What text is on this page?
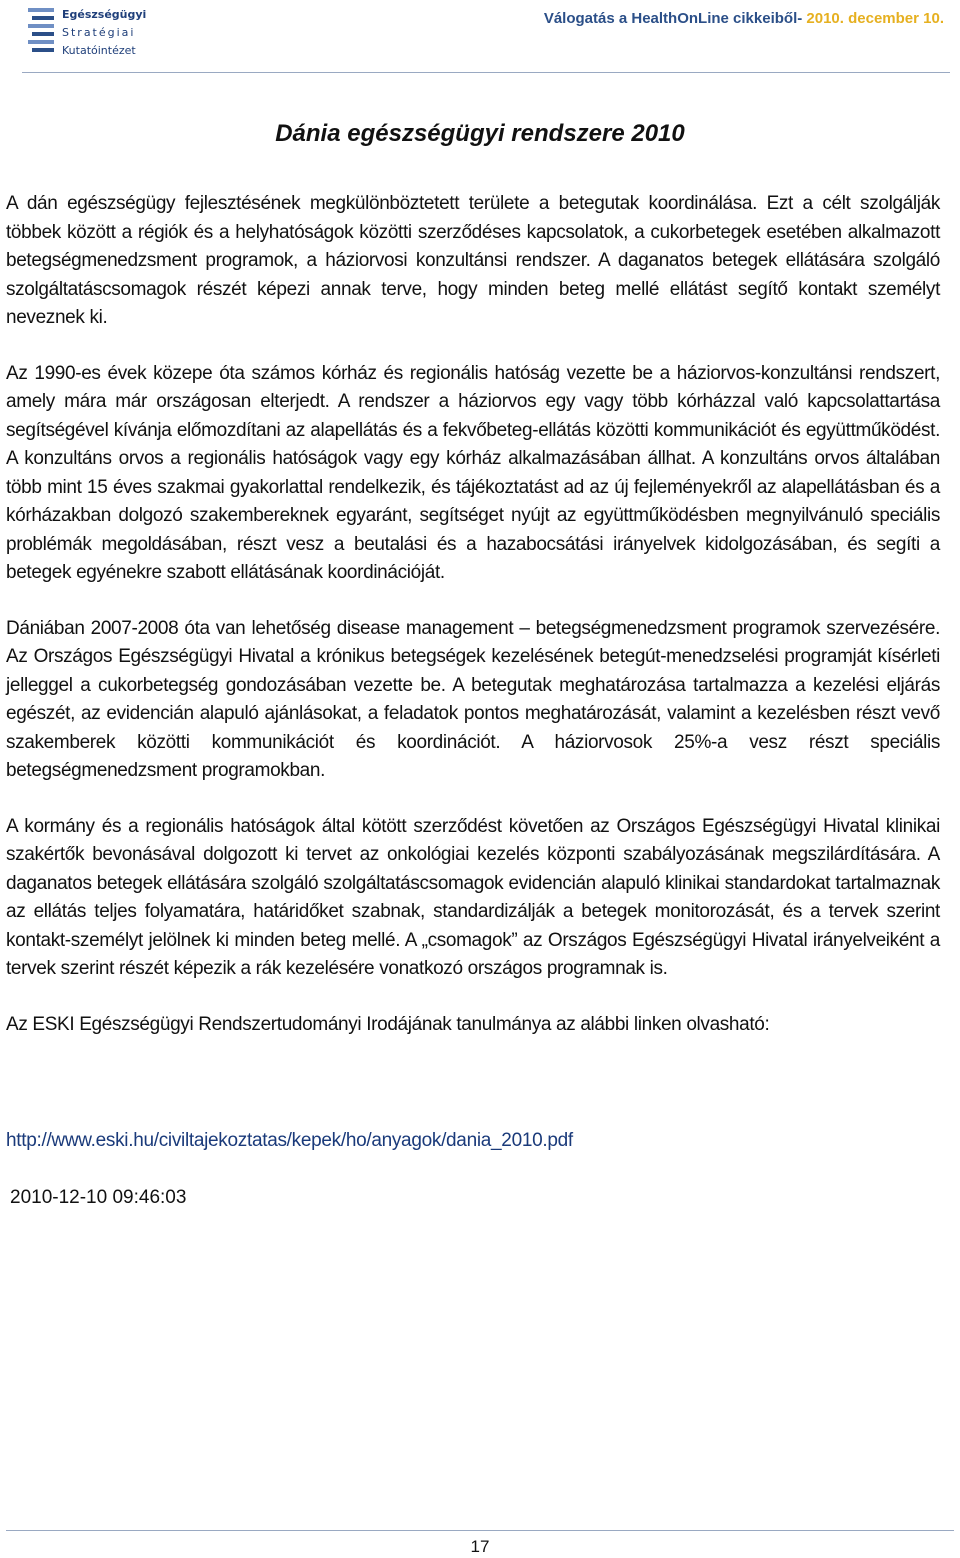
Egészségügyi
Stratégiai
Kutatóintézet
Válogatás a HealthOnLine cikkeiből- 2010. december 10.
Dánia egészségügyi rendszere 2010

A dán egészségügy fejlesztésének megkülönböztetett területe a betegutak koordinálása. Ezt a célt szolgálják többek között a régiók és a helyhatóságok közötti szerződéses kapcsolatok, a cukorbetegek esetében alkalmazott betegségmenedzsment programok, a háziorvosi konzultánsi rendszer. A daganatos betegek ellátására szolgáló szolgáltatáscsomagok részét képezi annak terve, hogy minden beteg mellé ellátást segítő kontakt személyt neveznek ki.

Az 1990-es évek közepe óta számos kórház és regionális hatóság vezette be a háziorvos-konzultánsi rendszert, amely mára már országosan elterjedt. A rendszer a háziorvos egy vagy több kórházzal való kapcsolattartása segítségével kívánja előmozdítani az alapellátás és a fekvőbeteg-ellátás közötti kommunikációt és együttműködést. A konzultáns orvos a regionális hatóságok vagy egy kórház alkalmazásában állhat. A konzultáns orvos általában több mint 15 éves szakmai gyakorlattal rendelkezik, és tájékoztatást ad az új fejleményekről az alapellátásban és a kórházakban dolgozó szakembereknek egyaránt, segítséget nyújt az együttműködésben megnyilvánuló speciális problémák megoldásában, részt vesz a beutalási és a hazabocsátási irányelvek kidolgozásában, és segíti a betegek egyénekre szabott ellátásának koordinációját.

Dániában 2007-2008 óta van lehetőség disease management – betegségmenedzsment programok szervezésére. Az Országos Egészségügyi Hivatal a krónikus betegségek kezelésének betegút-menedzselési programját kísérleti jelleggel a cukorbetegség gondozásában vezette be. A betegutak meghatározása tartalmazza a kezelési eljárás egészét, az evidencián alapuló ajánlásokat, a feladatok pontos meghatározását, valamint a kezelésben részt vevő szakemberek közötti kommunikációt és koordinációt. A háziorvosok 25%-a vesz részt speciális betegségmenedzsment programokban.

A kormány és a regionális hatóságok által kötött szerződést követően az Országos Egészségügyi Hivatal klinikai szakértők bevonásával dolgozott ki tervet az onkológiai kezelés központi szabályozásának megszilárdítására. A daganatos betegek ellátására szolgáló szolgáltatáscsomagok evidencián alapuló klinikai standardokat tartalmaznak az ellátás teljes folyamatára, határidőket szabnak, standardizálják a betegek monitorozását, és a tervek szerint kontakt-személyt jelölnek ki minden beteg mellé. A „csomagok” az Országos Egészségügyi Hivatal irányelveiként a tervek szerint részét képezik a rák kezelésére vonatkozó országos programnak is.

Az ESKI Egészségügyi Rendszertudományi Irodájának tanulmánya az alábbi linken olvasható:

http://www.eski.hu/civiltajekoztatas/kepek/ho/anyagok/dania_2010.pdf
2010-12-10 09:46:03
17
